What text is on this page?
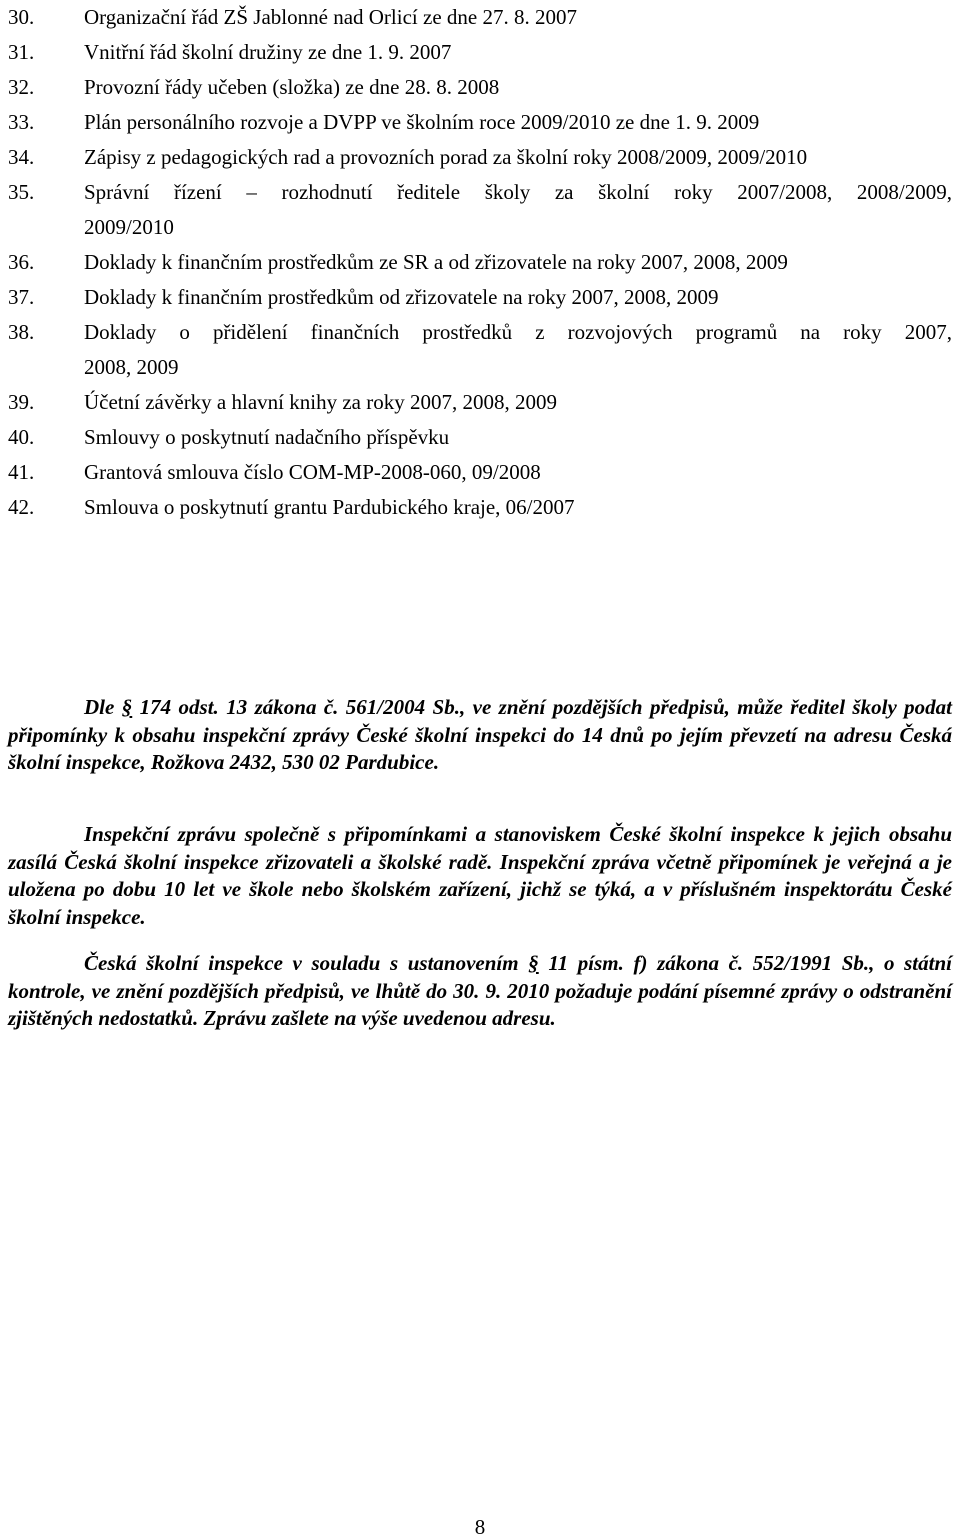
30.	Organizační řád ZŠ Jablonné nad Orlicí ze dne 27. 8. 2007
31.	Vnitřní řád školní družiny ze dne 1. 9. 2007
32.	Provozní řády učeben (složka) ze dne 28. 8. 2008
33.	Plán personálního rozvoje a DVPP ve školním roce 2009/2010 ze dne 1. 9. 2009
34.	Zápisy z pedagogických rad a provozních porad za školní roky 2008/2009, 2009/2010
35.	Správní řízení – rozhodnutí ředitele školy za školní roky 2007/2008, 2008/2009,
2009/2010
36.	Doklady k finančním prostředkům ze SR a od zřizovatele na roky 2007, 2008, 2009
37.	Doklady k finančním prostředkům od zřizovatele na roky 2007, 2008, 2009
38.	Doklady o přidělení finančních prostředků z rozvojových programů na roky 2007,
2008, 2009
39.	Účetní závěrky a hlavní knihy za roky 2007, 2008, 2009
40.	Smlouvy o poskytnutí nadačního příspěvku
41.	Grantová smlouva číslo COM-MP-2008-060, 09/2008
42.	Smlouva o poskytnutí grantu Pardubického kraje, 06/2007

Dle § 174 odst. 13 zákona č. 561/2004 Sb., ve znění pozdějších předpisů, může ředitel školy podat připomínky k obsahu inspekční zprávy České školní inspekci do 14 dnů po jejím převzetí na adresu Česká školní inspekce, Rožkova 2432, 530 02 Pardubice.

Inspekční zprávu společně s připomínkami a stanoviskem České školní inspekce k jejich obsahu zasílá Česká školní inspekce zřizovateli a školské radě. Inspekční zpráva včetně připomínek je veřejná a je uložena po dobu 10 let ve škole nebo školském zařízení, jichž se týká, a v příslušném inspektorátu České školní inspekce.

Česká školní inspekce v souladu s ustanovením § 11 písm. f) zákona č. 552/1991 Sb., o státní kontrole, ve znění pozdějších předpisů, ve lhůtě do 30. 9. 2010 požaduje podání písemné zprávy o odstranění zjištěných nedostatků. Zprávu zašlete na výše uvedenou adresu.

8
